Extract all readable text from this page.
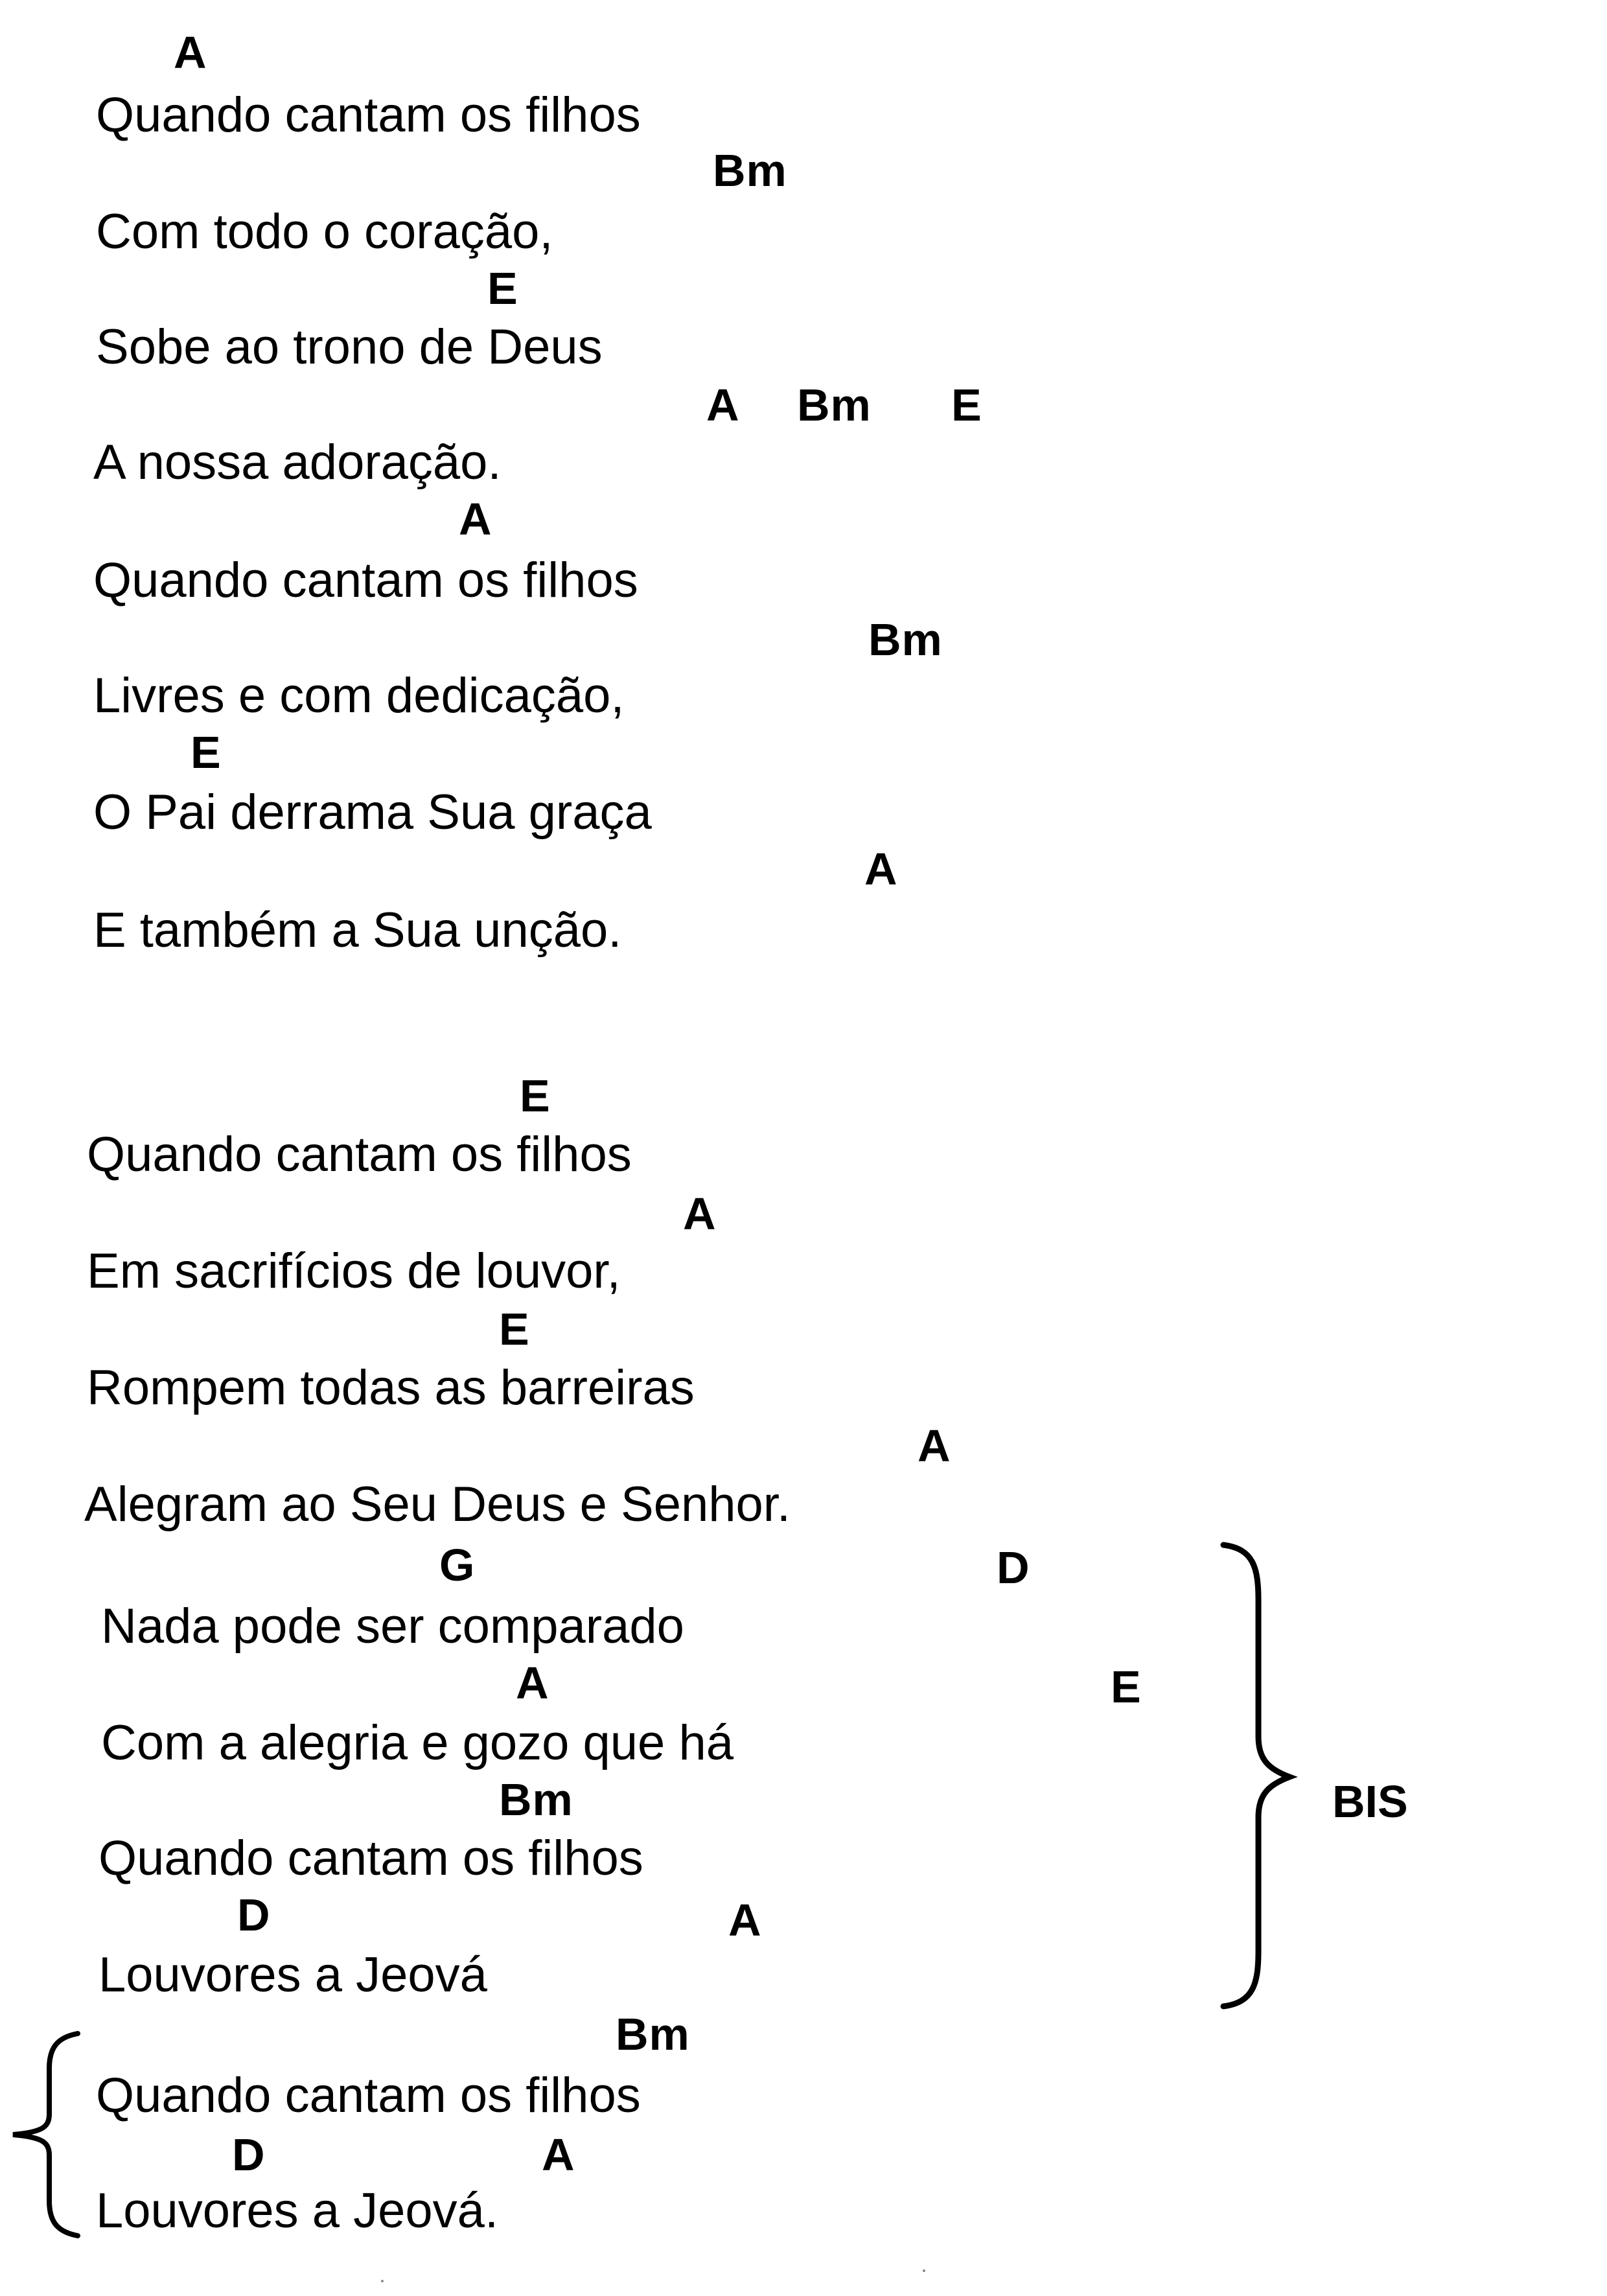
A
Quando cantam os filhos
Bm
Com todo o coração,
E
Sobe ao trono de Deus
A Bm E
A nossa adoração.
A
Quando cantam os filhos
Bm
Livres e com dedicação,
E
O Pai derrama Sua graça
A
E também a Sua unção.
E
Quando cantam os filhos
A
Em sacrifícios de louvor,
E
Rompem todas as barreiras
A
Alegram ao Seu Deus e Senhor.
G	D
Nada pode ser comparado
A	E
Com a alegria e gozo que há
Bm
Quando cantam os filhos
D	A
Louvores a Jeová
Bm
Quando cantam os filhos
D	A
Louvores a Jeová.
BIS
